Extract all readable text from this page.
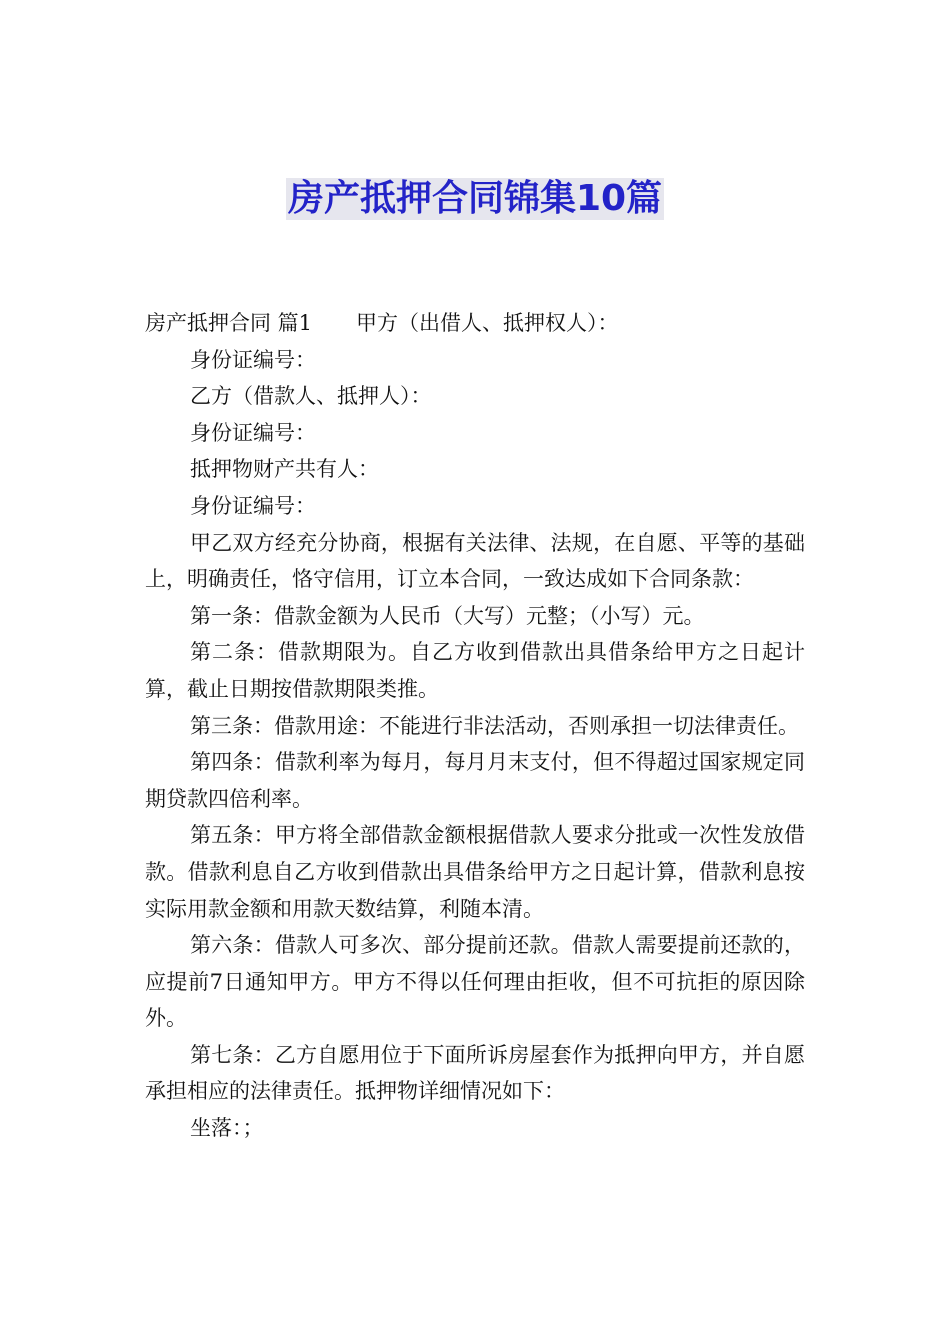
房产抵押合同锦集10篇

房产抵押合同 篇1 甲方（出借人、抵押权人）：

身份证编号：

乙方（借款人、抵押人）：

身份证编号：

抵押物财产共有人：

身份证编号：

甲乙双方经充分协商，根据有关法律、法规，在自愿、平等的基础上，明确责任，恪守信用，订立本合同，一致达成如下合同条款：

第一条：借款金额为人民币（大写）元整；（小写）元。

第二条：借款期限为。自乙方收到借款出具借条给甲方之日起计算，截止日期按借款期限类推。

第三条：借款用途：不能进行非法活动，否则承担一切法律责任。

第四条：借款利率为每月，每月月末支付，但不得超过国家规定同期贷款四倍利率。

第五条：甲方将全部借款金额根据借款人要求分批或一次性发放借款。借款利息自乙方收到借款出具借条给甲方之日起计算，借款利息按实际用款金额和用款天数结算，利随本清。

第六条：借款人可多次、部分提前还款。借款人需要提前还款的，应提前7日通知甲方。甲方不得以任何理由拒收，但不可抗拒的原因除外。

第七条：乙方自愿用位于下面所诉房屋套作为抵押向甲方，并自愿承担相应的法律责任。抵押物详细情况如下：

坐落：；
